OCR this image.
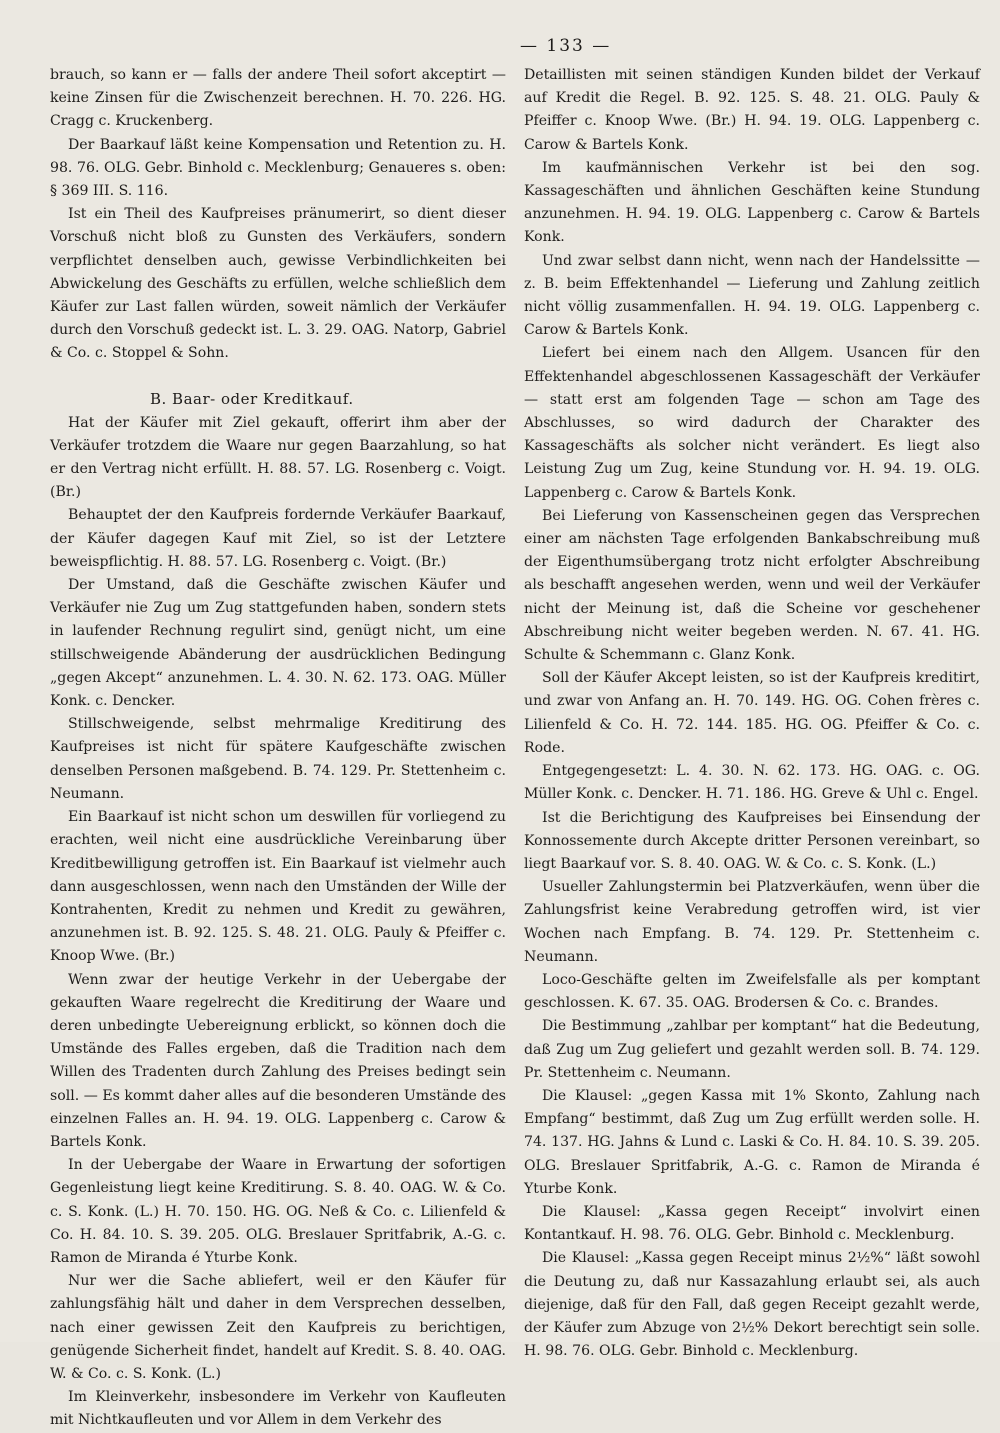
— 133 —

brauch, so kann er — falls der andere Theil sofort akceptirt — keine Zinsen für die Zwischenzeit berechnen. H. 70. 226. HG. Cragg c. Kruckenberg.

Der Baarkauf läßt keine Kompensation und Retention zu. H. 98. 76. OLG. Gebr. Binhold c. Mecklenburg; Genaueres s. oben: § 369 III. S. 116.

Ist ein Theil des Kaufpreises pränumerirt, so dient dieser Vorschuß nicht bloß zu Gunsten des Verkäufers, sondern verpflichtet denselben auch, gewisse Verbindlichkeiten bei Abwickelung des Geschäfts zu erfüllen, welche schließlich dem Käufer zur Last fallen würden, soweit nämlich der Verkäufer durch den Vorschuß gedeckt ist. L. 3. 29. OAG. Natorp, Gabriel & Co. c. Stoppel & Sohn.

B. Baar- oder Kreditkauf.

Hat der Käufer mit Ziel gekauft, offerirt ihm aber der Verkäufer trotzdem die Waare nur gegen Baarzahlung, so hat er den Vertrag nicht erfüllt. H. 88. 57. LG. Rosenberg c. Voigt. (Br.)

Behauptet der den Kaufpreis fordernde Verkäufer Baarkauf, der Käufer dagegen Kauf mit Ziel, so ist der Letztere beweispflichtig. H. 88. 57. LG. Rosenberg c. Voigt. (Br.)

Der Umstand, daß die Geschäfte zwischen Käufer und Verkäufer nie Zug um Zug stattgefunden haben, sondern stets in laufender Rechnung regulirt sind, genügt nicht, um eine stillschweigende Abänderung der ausdrücklichen Bedingung „gegen Akcept“ anzunehmen. L. 4. 30. N. 62. 173. OAG. Müller Konk. c. Dencker.

Stillschweigende, selbst mehrmalige Kreditirung des Kaufpreises ist nicht für spätere Kaufgeschäfte zwischen denselben Personen maßgebend. B. 74. 129. Pr. Stettenheim c. Neumann.

Ein Baarkauf ist nicht schon um deswillen für vorliegend zu erachten, weil nicht eine ausdrückliche Vereinbarung über Kreditbewilligung getroffen ist. Ein Baarkauf ist vielmehr auch dann ausgeschlossen, wenn nach den Umständen der Wille der Kontrahenten, Kredit zu nehmen und Kredit zu gewähren, anzunehmen ist. B. 92. 125. S. 48. 21. OLG. Pauly & Pfeiffer c. Knoop Wwe. (Br.)

Wenn zwar der heutige Verkehr in der Uebergabe der gekauften Waare regelrecht die Kreditirung der Waare und deren unbedingte Uebereignung erblickt, so können doch die Umstände des Falles ergeben, daß die Tradition nach dem Willen des Tradenten durch Zahlung des Preises bedingt sein soll. — Es kommt daher alles auf die besonderen Umstände des einzelnen Falles an. H. 94. 19. OLG. Lappenberg c. Carow & Bartels Konk.

In der Uebergabe der Waare in Erwartung der sofortigen Gegenleistung liegt keine Kreditirung. S. 8. 40. OAG. W. & Co. c. S. Konk. (L.) H. 70. 150. HG. OG. Neß & Co. c. Lilienfeld & Co. H. 84. 10. S. 39. 205. OLG. Breslauer Spritfabrik, A.-G. c. Ramon de Miranda é Yturbe Konk.

Nur wer die Sache abliefert, weil er den Käufer für zahlungsfähig hält und daher in dem Versprechen desselben, nach einer gewissen Zeit den Kaufpreis zu berichtigen, genügende Sicherheit findet, handelt auf Kredit. S. 8. 40. OAG. W. & Co. c. S. Konk. (L.)

Im Kleinverkehr, insbesondere im Verkehr von Kaufleuten mit Nichtkaufleuten und vor Allem in dem Verkehr des

Detaillisten mit seinen ständigen Kunden bildet der Verkauf auf Kredit die Regel. B. 92. 125. S. 48. 21. OLG. Pauly & Pfeiffer c. Knoop Wwe. (Br.) H. 94. 19. OLG. Lappenberg c. Carow & Bartels Konk.

Im kaufmännischen Verkehr ist bei den sog. Kassageschäften und ähnlichen Geschäften keine Stundung anzunehmen. H. 94. 19. OLG. Lappenberg c. Carow & Bartels Konk.

Und zwar selbst dann nicht, wenn nach der Handelssitte — z. B. beim Effektenhandel — Lieferung und Zahlung zeitlich nicht völlig zusammenfallen. H. 94. 19. OLG. Lappenberg c. Carow & Bartels Konk.

Liefert bei einem nach den Allgem. Usancen für den Effektenhandel abgeschlossenen Kassageschäft der Verkäufer — statt erst am folgenden Tage — schon am Tage des Abschlusses, so wird dadurch der Charakter des Kassageschäfts als solcher nicht verändert. Es liegt also Leistung Zug um Zug, keine Stundung vor. H. 94. 19. OLG. Lappenberg c. Carow & Bartels Konk.

Bei Lieferung von Kassenscheinen gegen das Versprechen einer am nächsten Tage erfolgenden Bankabschreibung muß der Eigenthumsübergang trotz nicht erfolgter Abschreibung als beschafft angesehen werden, wenn und weil der Verkäufer nicht der Meinung ist, daß die Scheine vor geschehener Abschreibung nicht weiter begeben werden. N. 67. 41. HG. Schulte & Schemmann c. Glanz Konk.

Soll der Käufer Akcept leisten, so ist der Kaufpreis kreditirt, und zwar von Anfang an. H. 70. 149. HG. OG. Cohen frères c. Lilienfeld & Co. H. 72. 144. 185. HG. OG. Pfeiffer & Co. c. Rode.

Entgegengesetzt: L. 4. 30. N. 62. 173. HG. OAG. c. OG. Müller Konk. c. Dencker. H. 71. 186. HG. Greve & Uhl c. Engel.

Ist die Berichtigung des Kaufpreises bei Einsendung der Konnossemente durch Akcepte dritter Personen vereinbart, so liegt Baarkauf vor. S. 8. 40. OAG. W. & Co. c. S. Konk. (L.)

Usueller Zahlungstermin bei Platzverkäufen, wenn über die Zahlungsfrist keine Verabredung getroffen wird, ist vier Wochen nach Empfang. B. 74. 129. Pr. Stettenheim c. Neumann.

Loco-Geschäfte gelten im Zweifelsfalle als per komptant geschlossen. K. 67. 35. OAG. Brodersen & Co. c. Brandes.

Die Bestimmung „zahlbar per komptant“ hat die Bedeutung, daß Zug um Zug geliefert und gezahlt werden soll. B. 74. 129. Pr. Stettenheim c. Neumann.

Die Klausel: „gegen Kassa mit 1% Skonto, Zahlung nach Empfang“ bestimmt, daß Zug um Zug erfüllt werden solle. H. 74. 137. HG. Jahns & Lund c. Laski & Co. H. 84. 10. S. 39. 205. OLG. Breslauer Spritfabrik, A.-G. c. Ramon de Miranda é Yturbe Konk.

Die Klausel: „Kassa gegen Receipt“ involvirt einen Kontantkauf. H. 98. 76. OLG. Gebr. Binhold c. Mecklenburg.

Die Klausel: „Kassa gegen Receipt minus 2½%“ läßt sowohl die Deutung zu, daß nur Kassazahlung erlaubt sei, als auch diejenige, daß für den Fall, daß gegen Receipt gezahlt werde, der Käufer zum Abzuge von 2½% Dekort berechtigt sein solle. H. 98. 76. OLG. Gebr. Binhold c. Mecklenburg.
